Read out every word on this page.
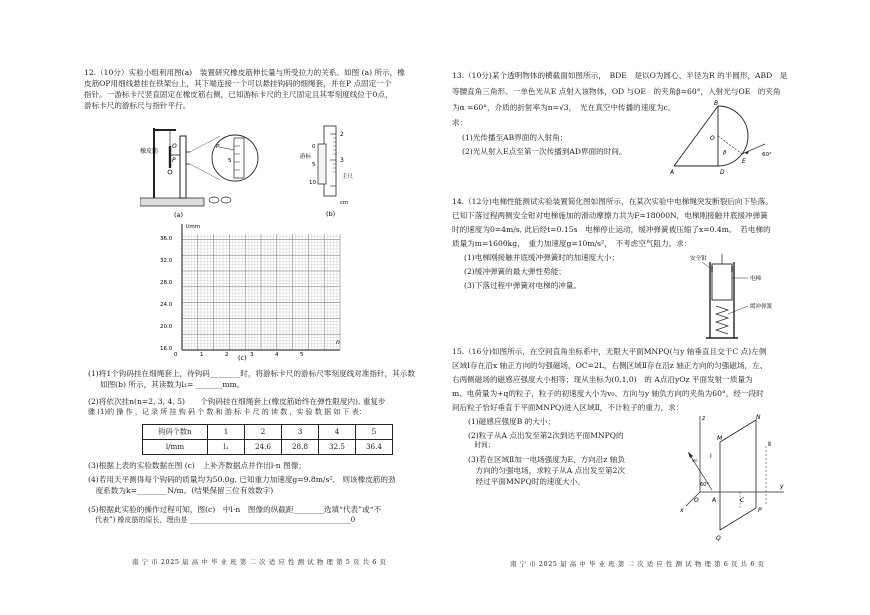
12.（10分）实验小组利用图(a)　装置研究橡皮筋伸长量与所受拉力的关系。如图 (a) 所示，橡
皮筋OP用细线悬挂在铁架台上，其下端连接一个可以悬挂钩码的细绳套，并在P 点固定一个
指针。一游标卡尺竖直固定在橡皮筋右侧，已知游标卡尺的主尺固定且其零刻度线位于0点，
游标卡尺的游标尺与指针平行。
橡皮筋
O
P	5
P
(a)
2
3
0
5
10
游标
主尺
cm
(b)
l/mm
n
0
36.0
32.0
28.0
24.0
20.0
16.0
1	2	3	4	5
(c)
(1)将1个钩码挂在细绳套上，待钩码________时，将游标卡尺的游标尺零刻度线对准指针，其示数
如图(b) 所示，其读数为l₁= _______mm。
(2)将依次挂n(n=2, 3, 4, 5)　　个钩码挂在细绳套上(橡皮筋始终在弹性限度内), 重复步
骤 (1)的 操 作 ，记 录 所 挂 钩 码 个 数 和 游 标 卡 尺 的 读 数 ，实 验 数 据 如 下 表：
钩码个数n	1	2	3	4	5
l/mm	l₁	24.6	28.8	32.5	36.4
(3)根据上表的实验数据在图 (c)　上补齐数据点并作出l-n 图像；
(4)若用天平测得每个钩码的质量均为50.0g, 已知重力加速度g=9.8m/s²,　则该橡皮筋的劲
　度系数为k=________N/m。(结果保留三位有效数字)
(5)根据此实验的操作过程可知，图(c)　中l-n　图像的纵截距________选填“代表”或“不
　代表”) 橡皮筋的原长，理由是 ______________________________________________0
南 宁 市 2025 届 高 中 毕 业 班 第 二 次 适 应 性 测 试 物 理 第 5 页 共 6 页
13.（10分)某个透明物体的横截面如图所示，　BDE　是以O为圆心、半径为R 的半圆形，ABD　是
等腰直角三角形。一单色光从E 点射入该物体，OD 与OE　的夹角β=60°，入射光与OE　的夹角
为α =60°，介质的折射率为n=√3，　光在真空中传播的速度为c。
求：
(1)光传播至AB界面的入射角；
(2)光从射入E点至第一次传播到AD界面的时间。
A
B
D
O
E
β	60°
14.（12分)电梯性能测试实验装置简化图如图所示，在某次实验中电梯绳突发断裂后向下坠落。
已知下落过程两侧安全钳对电梯施加的滑动摩擦力共为F=18000N，电梯刚接触井底缓冲弹簧
时的速度为0=4m/s, 此后经t=0.15s　电梯停止运动，缓冲弹簧被压缩了x=0.4m。　若电梯的
质量为m=1600kg，　重力加速度g=10m/s²，　不考虑空气阻力。求：
(1)电梯刚接触井底缓冲弹簧时的加速度大小；
(2)缓冲弹簧的最大弹性势能；
(3)下落过程中弹簧对电梯的冲量。
安全钳
电梯
缓冲弹簧
15.（16分)如图所示，在空间直角坐标系中，无限大平面MNPQ(与y 轴垂直且交于C 点)左侧
区域Ⅰ存在沿x 轴正方向的匀强磁场，OC=2L，右侧区域Ⅱ存在沿z 轴正方向的匀强磁场，左、
右两侧磁场的磁感应强度大小相等；现从坐标为(0,1,0)　的 A点沿yOz 平面发射一质量为
m、电荷量为+q的粒子，粒子的初速度大小为v₀、方向与y 轴负方向的夹角为60°，经一段时
间后粒子恰好垂直于平面MNPQ)进入区域Ⅱ，不计粒子的重力，求：
(1)磁感应强度B 的大小；
(2)粒子从A 点出发至第2次到达平面MNPQ的
　时间；
(3)若在区域Ⅱ加一电场强度为E、方向沿z 轴负
　方向的匀强电场，求粒子从A 点出发至第2次
　经过平面MNPQ时的速度大小。
z
y
x
O A	C
M
N
P
Q
v₀
Ⅰ
Ⅱ
60°
南 宁 市 2025 届 高 中 毕 业 班 第 二 次 适 应 性 测 试 物 理 第 6 页 共 6 页
